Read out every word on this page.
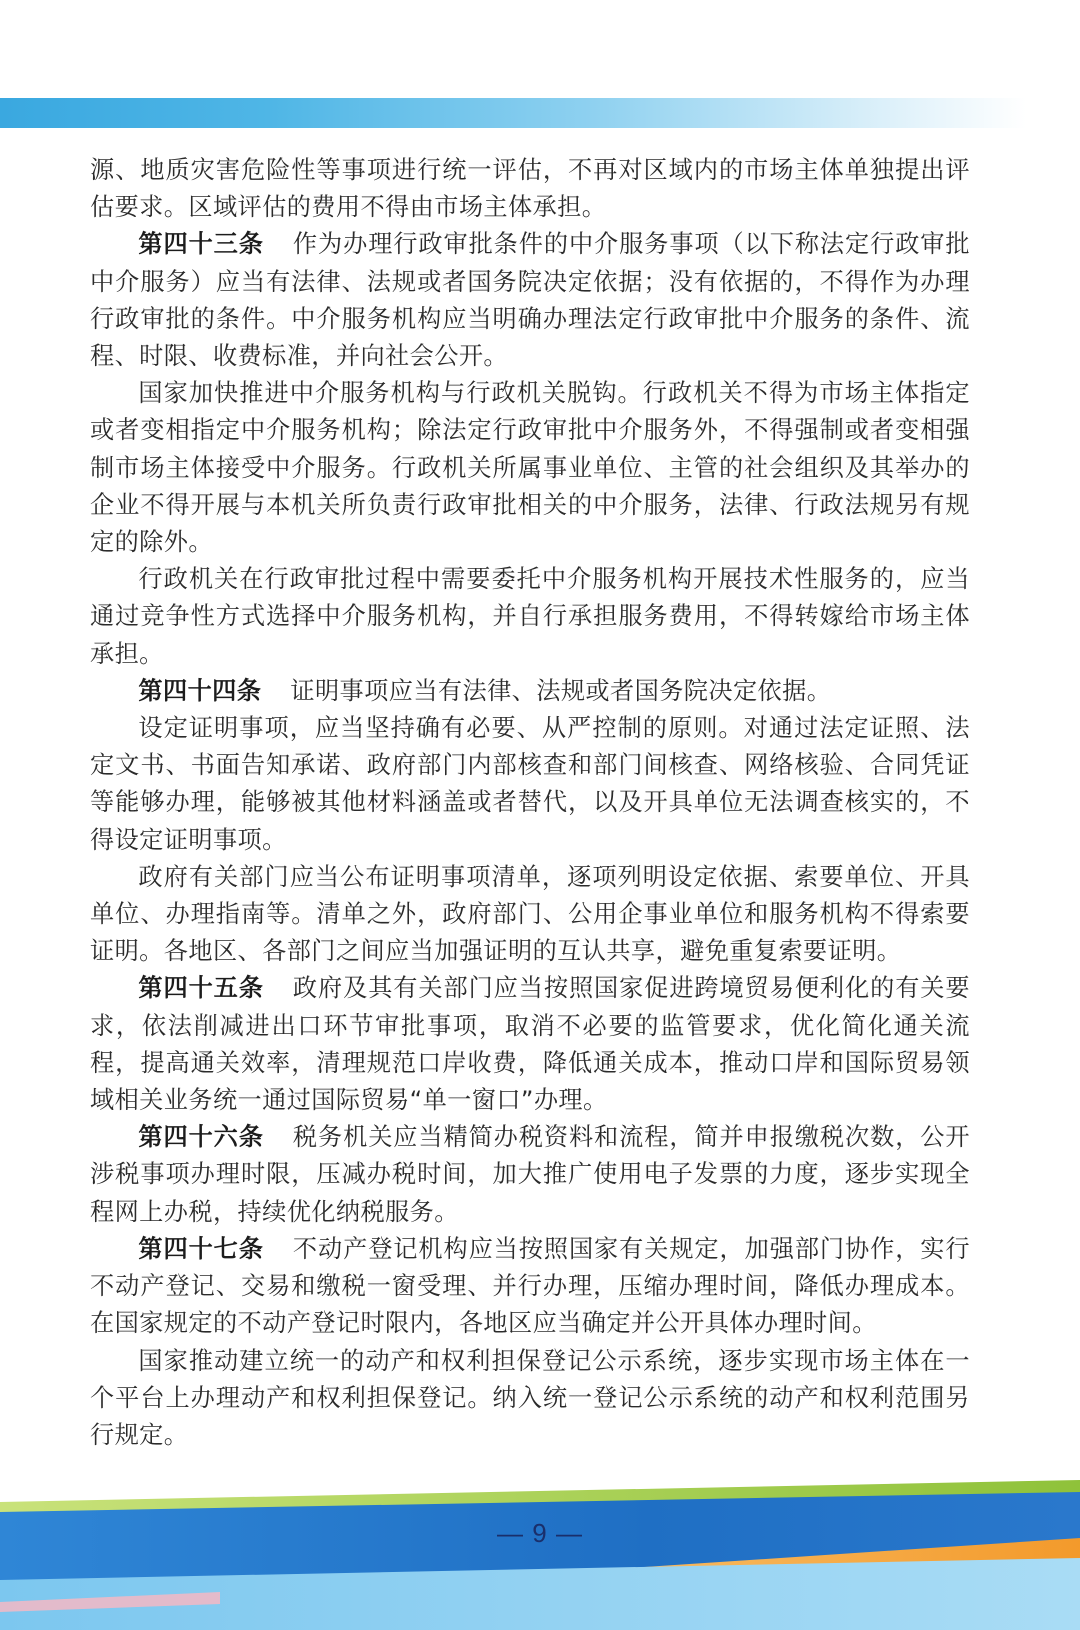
源、地质灾害危险性等事项进行统一评估，不再对区域内的市场主体单独提出评估要求。区域评估的费用不得由市场主体承担。

第四十三条 作为办理行政审批条件的中介服务事项（以下称法定行政审批中介服务）应当有法律、法规或者国务院决定依据；没有依据的，不得作为办理行政审批的条件。中介服务机构应当明确办理法定行政审批中介服务的条件、流程、时限、收费标准，并向社会公开。

国家加快推进中介服务机构与行政机关脱钩。行政机关不得为市场主体指定或者变相指定中介服务机构；除法定行政审批中介服务外，不得强制或者变相强制市场主体接受中介服务。行政机关所属事业单位、主管的社会组织及其举办的企业不得开展与本机关所负责行政审批相关的中介服务，法律、行政法规另有规定的除外。

行政机关在行政审批过程中需要委托中介服务机构开展技术性服务的，应当通过竞争性方式选择中介服务机构，并自行承担服务费用，不得转嫁给市场主体承担。

第四十四条 证明事项应当有法律、法规或者国务院决定依据。

设定证明事项，应当坚持确有必要、从严控制的原则。对通过法定证照、法定文书、书面告知承诺、政府部门内部核查和部门间核查、网络核验、合同凭证等能够办理，能够被其他材料涵盖或者替代，以及开具单位无法调查核实的，不得设定证明事项。

政府有关部门应当公布证明事项清单，逐项列明设定依据、索要单位、开具单位、办理指南等。清单之外，政府部门、公用企事业单位和服务机构不得索要证明。各地区、各部门之间应当加强证明的互认共享，避免重复索要证明。

第四十五条 政府及其有关部门应当按照国家促进跨境贸易便利化的有关要求，依法削减进出口环节审批事项，取消不必要的监管要求，优化简化通关流程，提高通关效率，清理规范口岸收费，降低通关成本，推动口岸和国际贸易领域相关业务统一通过国际贸易“单一窗口”办理。

第四十六条 税务机关应当精简办税资料和流程，简并申报缴税次数，公开涉税事项办理时限，压减办税时间，加大推广使用电子发票的力度，逐步实现全程网上办税，持续优化纳税服务。

第四十七条 不动产登记机构应当按照国家有关规定，加强部门协作，实行不动产登记、交易和缴税一窗受理、并行办理，压缩办理时间，降低办理成本。在国家规定的不动产登记时限内，各地区应当确定并公开具体办理时间。

国家推动建立统一的动产和权利担保登记公示系统，逐步实现市场主体在一个平台上办理动产和权利担保登记。纳入统一登记公示系统的动产和权利范围另行规定。

— 9 —
